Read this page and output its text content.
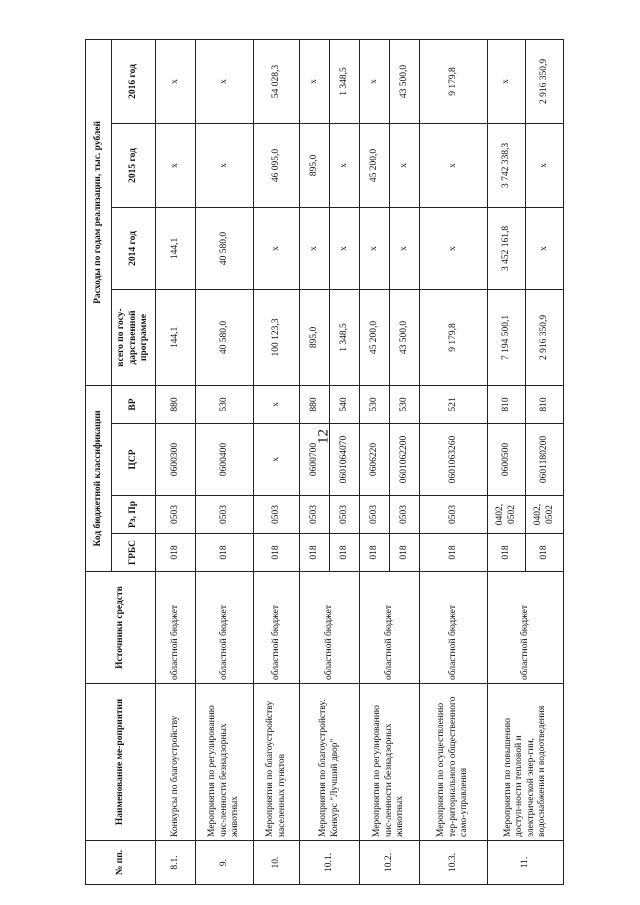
12
№ пп.	Наименование ме-роприятия	Источники средств	Код бюджетной классификации				Расходы по годам реализации, тыс. рублей			
			ГРБС	Рз, Пр	ЦСР	ВР	всего по госу-дарственной программе	2014 год	2015 год	2016 год
8.1.	Конкурсы по благоустройству	областной бюджет	018	0503	0600300	880	144,1	144,1	x	x
9.	Мероприятия по регулированию чис-ленности безнадзорных животных	областной бюджет	018	0503	0600400	530	40 580,0	40 580,0	x	x
10.	Мероприятия по благоустройству населенных пунктов	областной бюджет	018	0503	x	x	100 123,3	x	46 095,0	54 028,3
10.1.	Мероприятия по благоустройству. Конкурс "Лучший двор"	областной бюджет	018	0503	0600700	880	895,0	x	895,0	x
			018	0503	0601064070	540	1 348,5	x	x	1 348,5
10.2.	Мероприятия по регулированию чис-ленности безнадзорных животных	областной бюджет	018	0503	0606220	530	45 200,0	x	45 200,0	x
			018	0503	0601062200	530	43 500,0	x	x	43 500,0
10.3.	Мероприятия по осуществлению тер-риториального общественного само-управления	областной бюджет	018	0503	0601063260	521	9 179,8	x	x	9 179,8
11.	Мероприятия по повышению доступ-ности тепловой и электрической энер-гии, водоснабжения и водоотведения	областной бюджет	018	0402, 0502	0600500	810	7 194 500,1	3 452 161,8	3 742 338,3	x
			018	0402, 0502	0601180200	810	2 916 350,9	x	x	2 916 350,9
